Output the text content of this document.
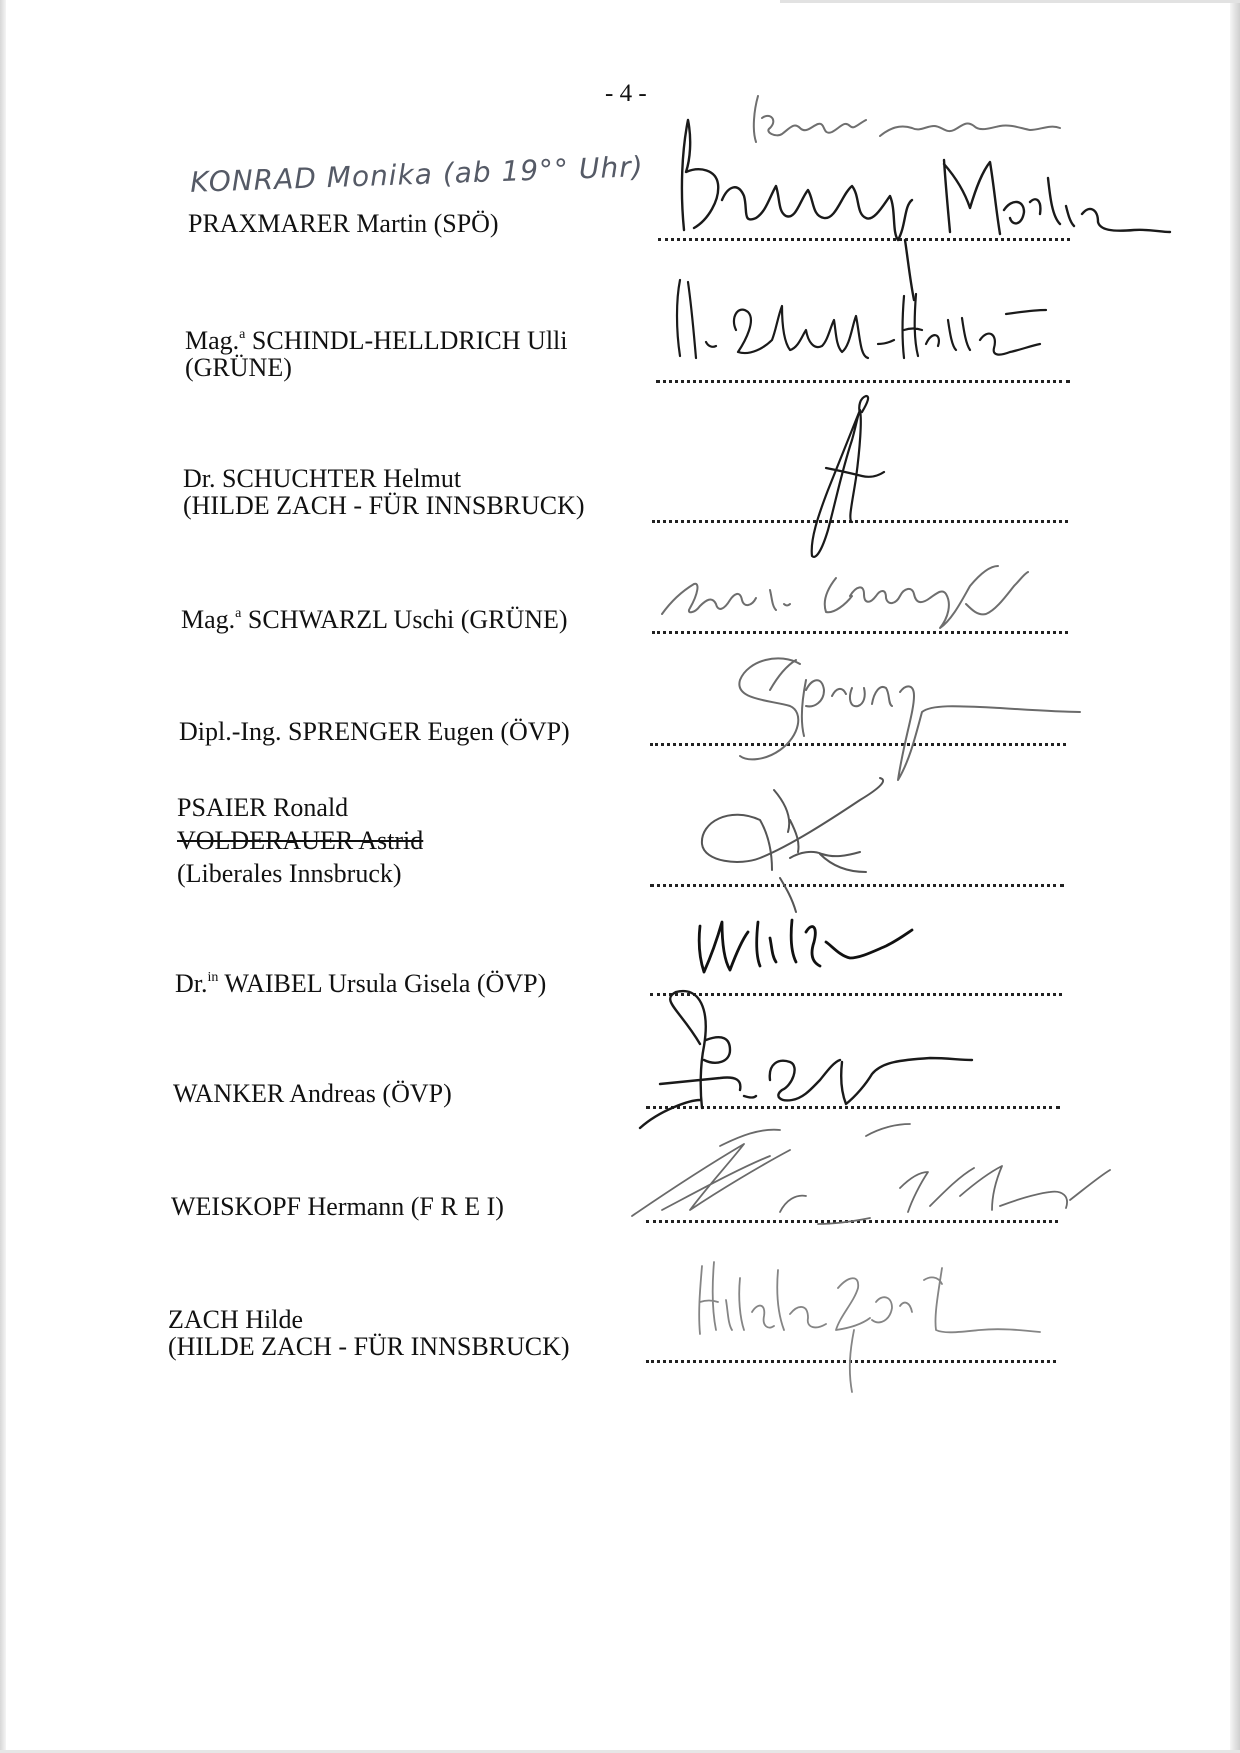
- 4 -
KONRAD Monika (ab 19°° Uhr)
PRAXMARER Martin (SPÖ)
Mag.$^a$ SCHINDL-HELLDRICH Ulli
(GRÜNE)
Dr. SCHUCHTER Helmut
(HILDE ZACH - FÜR INNSBRUCK)
Mag.$^a$ SCHWARZL Uschi (GRÜNE)
Dipl.-Ing. SPRENGER Eugen (ÖVP)
PSAIER Ronald
VOLDERAUER Astrid
(Liberales Innsbruck)
Dr.$^{in}$ WAIBEL Ursula Gisela (ÖVP)
WANKER Andreas (ÖVP)
WEISKOPF Hermann (F R E I)
ZACH Hilde
(HILDE ZACH - FÜR INNSBRUCK)
